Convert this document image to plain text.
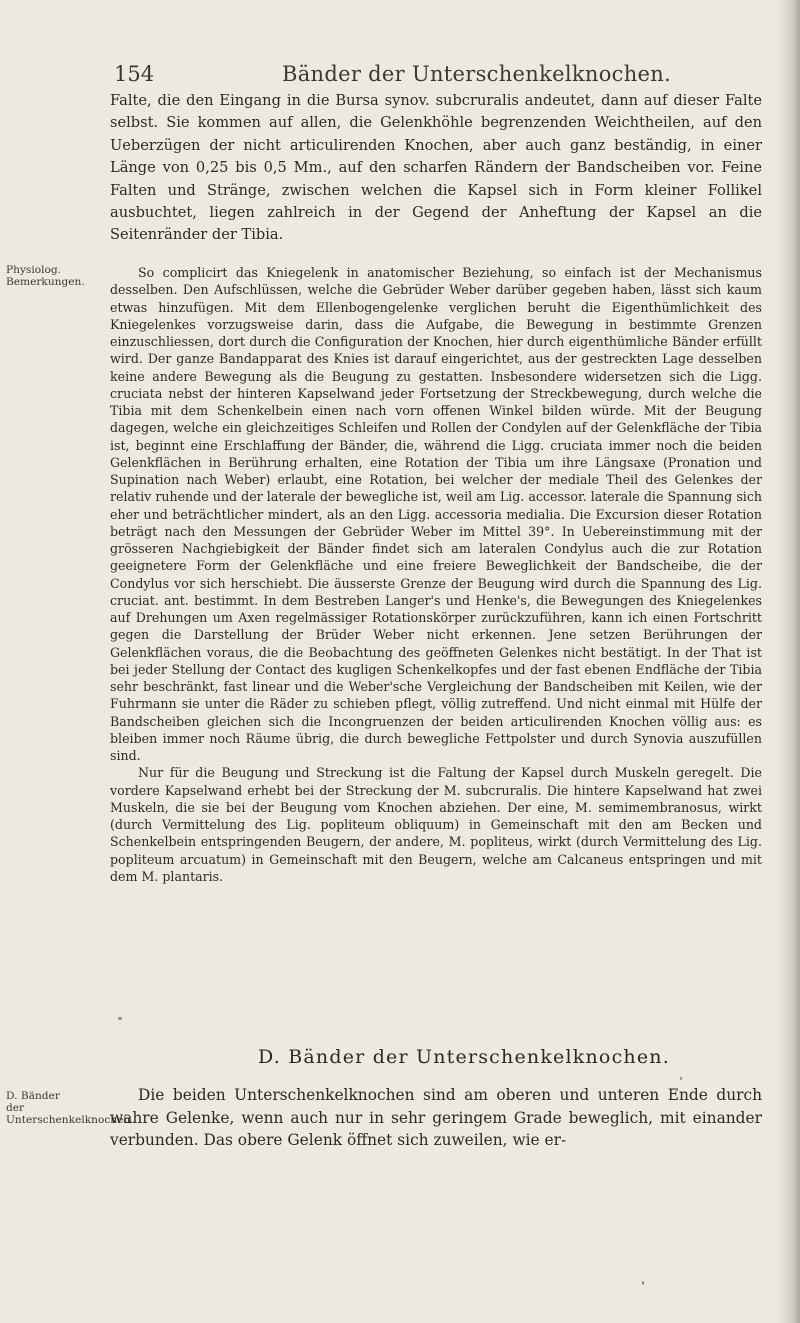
154	Bänder der Unterschenkelknochen.

Falte, die den Eingang in die Bursa synov. subcruralis andeutet, dann auf dieser Falte selbst. Sie kommen auf allen, die Gelenkhöhle begrenzenden Weichtheilen, auf den Ueberzügen der nicht articulirenden Knochen, aber auch ganz beständig, in einer Länge von 0,25 bis 0,5 Mm., auf den scharfen Rändern der Bandscheiben vor. Feine Falten und Stränge, zwischen welchen die Kapsel sich in Form kleiner Follikel ausbuchtet, liegen zahlreich in der Gegend der Anheftung der Kapsel an die Seitenränder der Tibia.

Physiolog. Bemerkungen.

So complicirt das Kniegelenk in anatomischer Beziehung, so einfach ist der Mechanismus desselben. Den Aufschlüssen, welche die Gebrüder Weber darüber gegeben haben, lässt sich kaum etwas hinzufügen. Mit dem Ellenbogengelenke verglichen beruht die Eigenthümlichkeit des Kniegelenkes vorzugsweise darin, dass die Aufgabe, die Bewegung in bestimmte Grenzen einzuschliessen, dort durch die Configuration der Knochen, hier durch eigenthümliche Bänder erfüllt wird. Der ganze Bandapparat des Knies ist darauf eingerichtet, aus der gestreckten Lage desselben keine andere Bewegung als die Beugung zu gestatten. Insbesondere widersetzen sich die Ligg. cruciata nebst der hinteren Kapselwand jeder Fortsetzung der Streckbewegung, durch welche die Tibia mit dem Schenkelbein einen nach vorn offenen Winkel bilden würde. Mit der Beugung dagegen, welche ein gleichzeitiges Schleifen und Rollen der Condylen auf der Gelenkfläche der Tibia ist, beginnt eine Erschlaffung der Bänder, die, während die Ligg. cruciata immer noch die beiden Gelenkflächen in Berührung erhalten, eine Rotation der Tibia um ihre Längsaxe (Pronation und Supination nach Weber) erlaubt, eine Rotation, bei welcher der mediale Theil des Gelenkes der relativ ruhende und der laterale der bewegliche ist, weil am Lig. accessor. laterale die Spannung sich eher und beträchtlicher mindert, als an den Ligg. accessoria medialia. Die Excursion dieser Rotation beträgt nach den Messungen der Gebrüder Weber im Mittel 39°. In Uebereinstimmung mit der grösseren Nachgiebigkeit der Bänder findet sich am lateralen Condylus auch die zur Rotation geeignetere Form der Gelenkfläche und eine freiere Beweglichkeit der Bandscheibe, die der Condylus vor sich herschiebt. Die äusserste Grenze der Beugung wird durch die Spannung des Lig. cruciat. ant. bestimmt. In dem Bestreben Langer's und Henke's, die Bewegungen des Kniegelenkes auf Drehungen um Axen regelmässiger Rotationskörper zurückzuführen, kann ich einen Fortschritt gegen die Darstellung der Brüder Weber nicht erkennen. Jene setzen Berührungen der Gelenkflächen voraus, die die Beobachtung des geöffneten Gelenkes nicht bestätigt. In der That ist bei jeder Stellung der Contact des kugligen Schenkelkopfes und der fast ebenen Endfläche der Tibia sehr beschränkt, fast linear und die Weber'sche Vergleichung der Bandscheiben mit Keilen, wie der Fuhrmann sie unter die Räder zu schieben pflegt, völlig zutreffend. Und nicht einmal mit Hülfe der Bandscheiben gleichen sich die Incongruenzen der beiden articulirenden Knochen völlig aus: es bleiben immer noch Räume übrig, die durch bewegliche Fettpolster und durch Synovia auszufüllen sind.

Nur für die Beugung und Streckung ist die Faltung der Kapsel durch Muskeln geregelt. Die vordere Kapselwand erhebt bei der Streckung der M. subcruralis. Die hintere Kapselwand hat zwei Muskeln, die sie bei der Beugung vom Knochen abziehen. Der eine, M. semimembranosus, wirkt (durch Vermittelung des Lig. popliteum obliquum) in Gemeinschaft mit den am Becken und Schenkelbein entspringenden Beugern, der andere, M. popliteus, wirkt (durch Vermittelung des Lig. popliteum arcuatum) in Gemeinschaft mit den Beugern, welche am Calcaneus entspringen und mit dem M. plantaris.

D. Bänder der Unterschenkelknochen.
D. Bänder der Unterschenkelknochen.

Die beiden Unterschenkelknochen sind am oberen und unteren Ende durch wahre Gelenke, wenn auch nur in sehr geringem Grade beweglich, mit einander verbunden. Das obere Gelenk öffnet sich zuweilen, wie er-
